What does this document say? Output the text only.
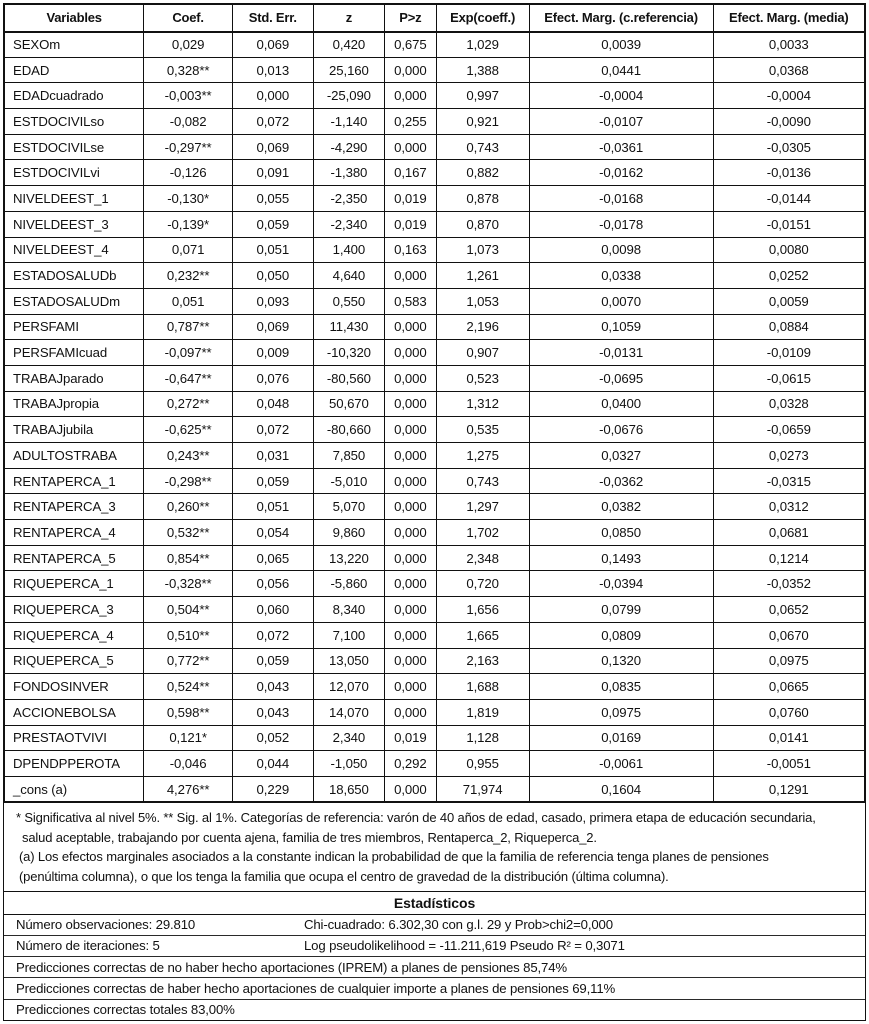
Variables	Coef.	Std. Err.	z	P>z	Exp(coeff.)	Efect. Marg. (c.referencia)	Efect. Marg. (media)
SEXOm	0,029	0,069	0,420	0,675	1,029	0,0039	0,0033
EDAD	0,328**	0,013	25,160	0,000	1,388	0,0441	0,0368
EDADcuadrado	-0,003**	0,000	-25,090	0,000	0,997	-0,0004	-0,0004
ESTDOCIVILso	-0,082	0,072	-1,140	0,255	0,921	-0,0107	-0,0090
ESTDOCIVILse	-0,297**	0,069	-4,290	0,000	0,743	-0,0361	-0,0305
ESTDOCIVILvi	-0,126	0,091	-1,380	0,167	0,882	-0,0162	-0,0136
NIVELDEEST_1	-0,130*	0,055	-2,350	0,019	0,878	-0,0168	-0,0144
NIVELDEEST_3	-0,139*	0,059	-2,340	0,019	0,870	-0,0178	-0,0151
NIVELDEEST_4	0,071	0,051	1,400	0,163	1,073	0,0098	0,0080
ESTADOSALUDb	0,232**	0,050	4,640	0,000	1,261	0,0338	0,0252
ESTADOSALUDm	0,051	0,093	0,550	0,583	1,053	0,0070	0,0059
PERSFAMI	0,787**	0,069	11,430	0,000	2,196	0,1059	0,0884
PERSFAMIcuad	-0,097**	0,009	-10,320	0,000	0,907	-0,0131	-0,0109
TRABAJparado	-0,647**	0,076	-80,560	0,000	0,523	-0,0695	-0,0615
TRABAJpropia	0,272**	0,048	50,670	0,000	1,312	0,0400	0,0328
TRABAJjubila	-0,625**	0,072	-80,660	0,000	0,535	-0,0676	-0,0659
ADULTOSTRABA	0,243**	0,031	7,850	0,000	1,275	0,0327	0,0273
RENTAPERCA_1	-0,298**	0,059	-5,010	0,000	0,743	-0,0362	-0,0315
RENTAPERCA_3	0,260**	0,051	5,070	0,000	1,297	0,0382	0,0312
RENTAPERCA_4	0,532**	0,054	9,860	0,000	1,702	0,0850	0,0681
RENTAPERCA_5	0,854**	0,065	13,220	0,000	2,348	0,1493	0,1214
RIQUEPERCA_1	-0,328**	0,056	-5,860	0,000	0,720	-0,0394	-0,0352
RIQUEPERCA_3	0,504**	0,060	8,340	0,000	1,656	0,0799	0,0652
RIQUEPERCA_4	0,510**	0,072	7,100	0,000	1,665	0,0809	0,0670
RIQUEPERCA_5	0,772**	0,059	13,050	0,000	2,163	0,1320	0,0975
FONDOSINVER	0,524**	0,043	12,070	0,000	1,688	0,0835	0,0665
ACCIONEBOLSA	0,598**	0,043	14,070	0,000	1,819	0,0975	0,0760
PRESTAOTVIVI	0,121*	0,052	2,340	0,019	1,128	0,0169	0,0141
DPENDPPEROTA	-0,046	0,044	-1,050	0,292	0,955	-0,0061	-0,0051
_cons (a)	4,276**	0,229	18,650	0,000	71,974	0,1604	0,1291
* Significativa al nivel 5%. ** Sig. al 1%. Categorías de referencia: varón de 40 años de edad, casado, primera etapa de educación secundaria,
salud aceptable, trabajando por cuenta ajena, familia de tres miembros, Rentaperca_2, Riqueperca_2.
(a) Los efectos marginales asociados a la constante indican la probabilidad de que la familia de referencia tenga planes de pensiones
(penúltima columna), o que los tenga la familia que ocupa el centro de gravedad de la distribución (última columna).
Estadísticos
Número observaciones: 29.810	Chi-cuadrado: 6.302,30 con g.l. 29 y Prob>chi2=0,000
Número de iteraciones: 5	Log pseudolikelihood = -11.211,619 Pseudo R² = 0,3071
Predicciones correctas de no haber hecho aportaciones (IPREM) a planes de pensiones 85,74%
Predicciones correctas de haber hecho aportaciones de cualquier importe a planes de pensiones 69,11%
Predicciones correctas totales 83,00%
